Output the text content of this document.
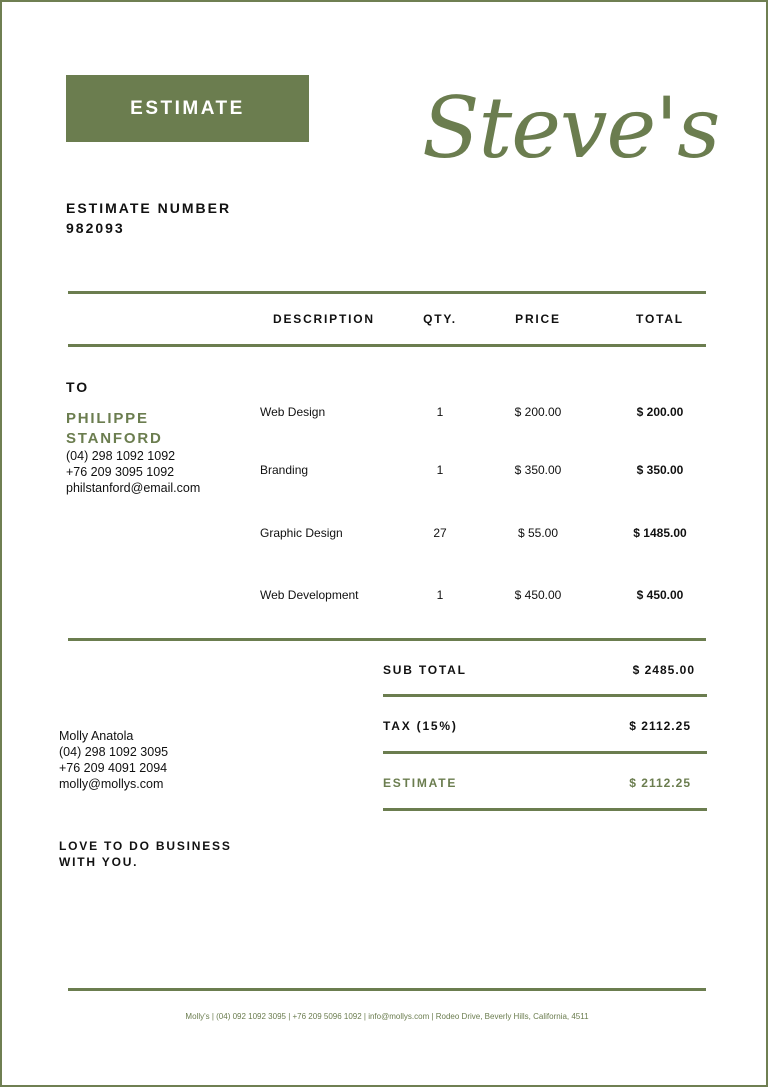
ESTIMATE	Steve's
ESTIMATE NUMBER
982093
DESCRIPTION	QTY.	PRICE	TOTAL
TO
PHILIPPE
STANFORD
(04) 298 1092 1092
+76 209 3095 1092
philstanford@email.com
Web Design	1	$ 200.00	$ 200.00
Branding	1	$ 350.00	$ 350.00
Graphic Design	27	$ 55.00	$ 1485.00
Web Development	1	$ 450.00	$ 450.00
SUB TOTAL	$ 2485.00
TAX (15%)	$ 2112.25
ESTIMATE	$ 2112.25
Molly Anatola
(04) 298 1092 3095
+76 209 4091 2094
molly@mollys.com
LOVE TO DO BUSINESS
WITH YOU.
Molly's | (04) 092 1092 3095 | +76 209 5096 1092 | info@mollys.com | Rodeo Drive, Beverly Hills, California, 4511
